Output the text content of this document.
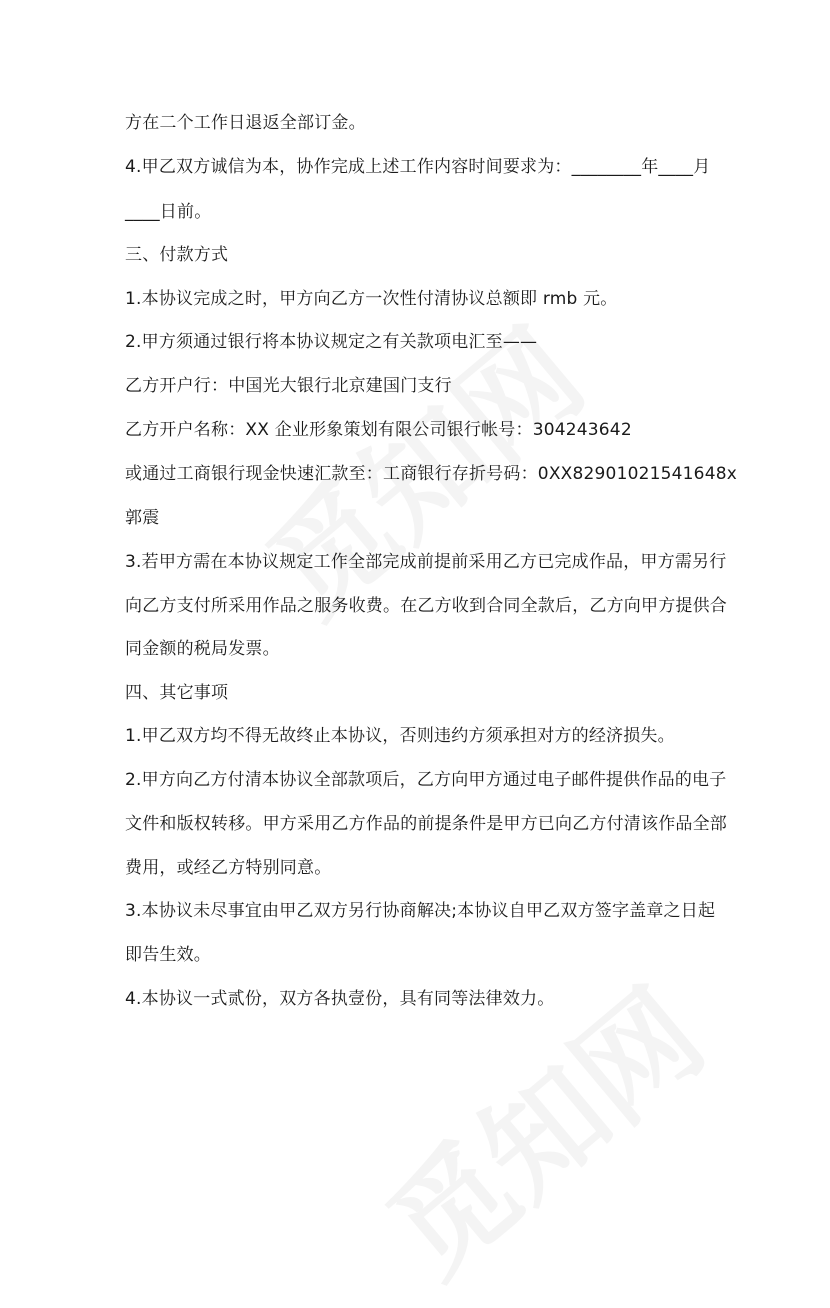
方在二个工作日退返全部订金。
4.甲乙双方诚信为本，协作完成上述工作内容时间要求为：________年____月
____日前。
三、付款方式
1.本协议完成之时，甲方向乙方一次性付清协议总额即 rmb 元。
2.甲方须通过银行将本协议规定之有关款项电汇至——
乙方开户行：中国光大银行北京建国门支行
乙方开户名称：XX 企业形象策划有限公司银行帐号：304243642
或通过工商银行现金快速汇款至：工商银行存折号码：0XX82901021541648x
郭震
3.若甲方需在本协议规定工作全部完成前提前采用乙方已完成作品，甲方需另行
向乙方支付所采用作品之服务收费。在乙方收到合同全款后，乙方向甲方提供合
同金额的税局发票。
四、其它事项
1.甲乙双方均不得无故终止本协议，否则违约方须承担对方的经济损失。
2.甲方向乙方付清本协议全部款项后，乙方向甲方通过电子邮件提供作品的电子
文件和版权转移。甲方采用乙方作品的前提条件是甲方已向乙方付清该作品全部
费用，或经乙方特别同意。
3.本协议未尽事宜由甲乙双方另行协商解决;本协议自甲乙双方签字盖章之日起
即告生效。
4.本协议一式贰份，双方各执壹份，具有同等法律效力。
